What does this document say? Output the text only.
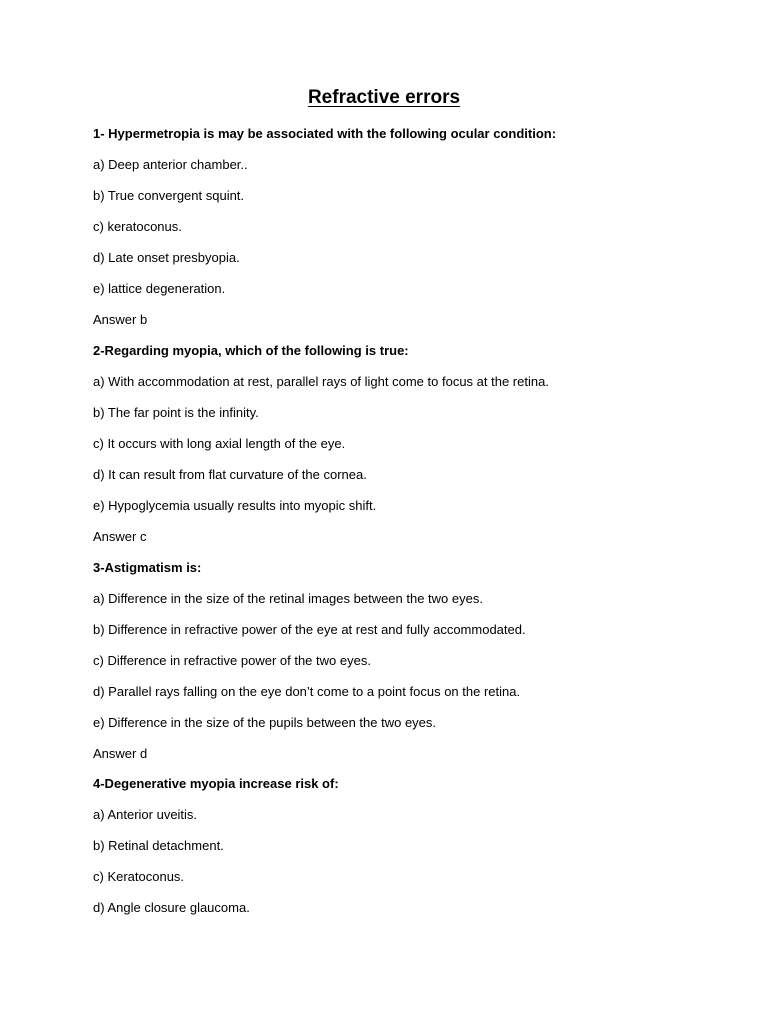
Refractive errors

1- Hypermetropia is may be associated with the following ocular condition:

a) Deep anterior chamber..

b) True convergent squint.

c) keratoconus.

d) Late onset presbyopia.

e) lattice degeneration.

Answer b

2-Regarding myopia, which of the following is true:

a) With accommodation at rest, parallel rays of light come to focus at the retina.

b) The far point is the infinity.

c) It occurs with long axial length of the eye.

d) It can result from flat curvature of the cornea.

e) Hypoglycemia usually results into myopic shift.

Answer c

3-Astigmatism is:

a) Difference in the size of the retinal images between the two eyes.

b) Difference in refractive power of the eye at rest and fully accommodated.

c) Difference in refractive power of the two eyes.

d) Parallel rays falling on the eye don’t come to a point focus on the retina.

e) Difference in the size of the pupils between the two eyes.

Answer d

4-Degenerative myopia increase risk of:

a) Anterior uveitis.

b) Retinal detachment.

c) Keratoconus.

d) Angle closure glaucoma.
